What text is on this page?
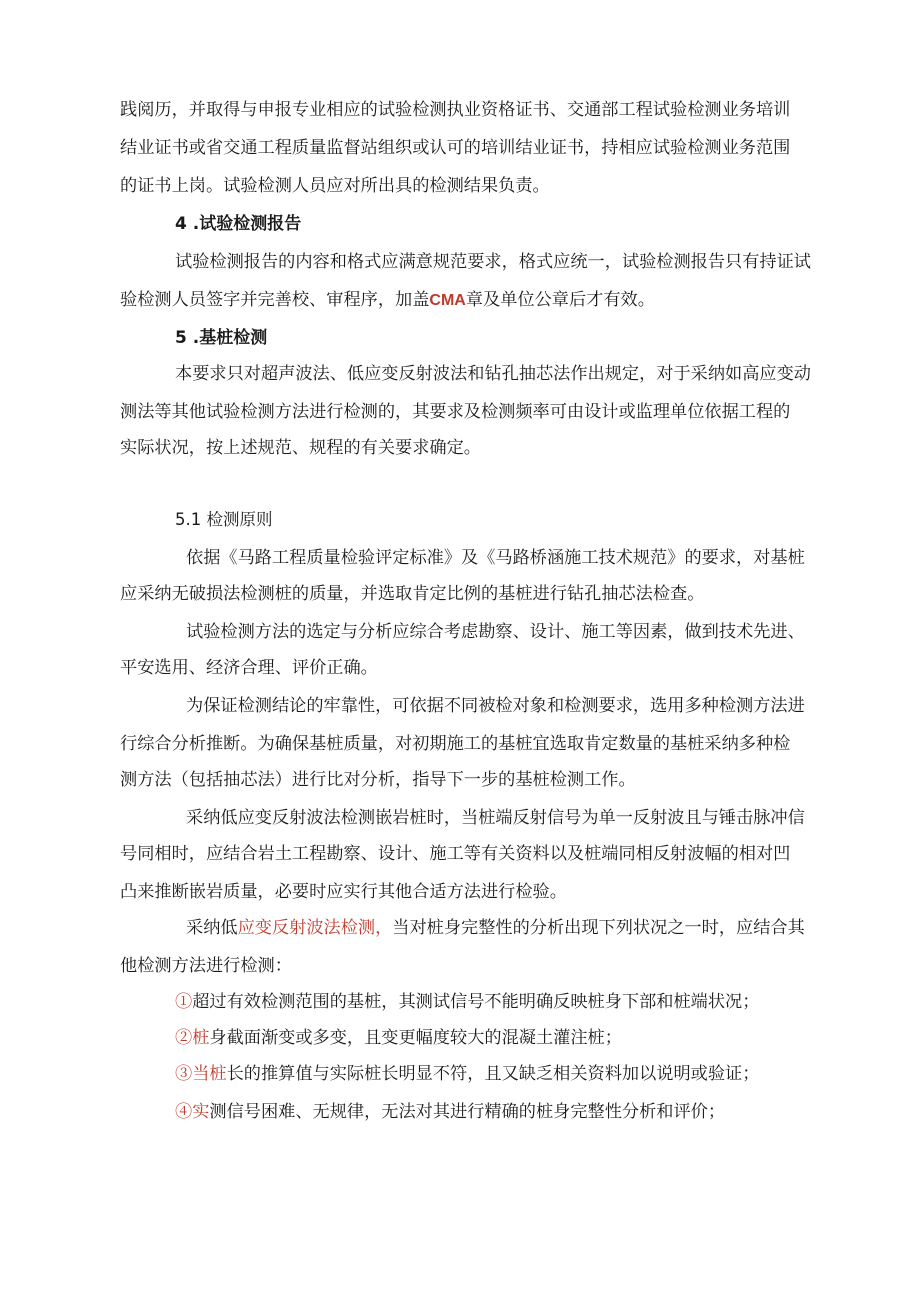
践阅历，并取得与申报专业相应的试验检测执业资格证书、交通部工程试验检测业务培训
结业证书或省交通工程质量监督站组织或认可的培训结业证书，持相应试验检测业务范围
的证书上岗。试验检测人员应对所出具的检测结果负责。
4 .试验检测报告
试验检测报告的内容和格式应满意规范要求，格式应统一，试验检测报告只有持证试
验检测人员签字并完善校、审程序，加盖CMA章及单位公章后才有效。
5 .基桩检测
本要求只对超声波法、低应变反射波法和钻孔抽芯法作出规定，对于采纳如高应变动
测法等其他试验检测方法进行检测的，其要求及检测频率可由设计或监理单位依据工程的
实际状况，按上述规范、规程的有关要求确定。
5.1 检测原则
依据《马路工程质量检验评定标准》及《马路桥涵施工技术规范》的要求，对基桩
应采纳无破损法检测桩的质量，并选取肯定比例的基桩进行钻孔抽芯法检查。
试验检测方法的选定与分析应综合考虑勘察、设计、施工等因素，做到技术先进、
平安选用、经济合理、评价正确。
为保证检测结论的牢靠性，可依据不同被检对象和检测要求，选用多种检测方法进
行综合分析推断。为确保基桩质量，对初期施工的基桩宜选取肯定数量的基桩采纳多种检
测方法（包括抽芯法）进行比对分析，指导下一步的基桩检测工作。
采纳低应变反射波法检测嵌岩桩时，当桩端反射信号为单一反射波且与锤击脉冲信
号同相时，应结合岩土工程勘察、设计、施工等有关资料以及桩端同相反射波幅的相对凹
凸来推断嵌岩质量，必要时应实行其他合适方法进行检验。
采纳低应变反射波法检测，当对桩身完整性的分析出现下列状况之一时，应结合其
他检测方法进行检测：
①超过有效检测范围的基桩，其测试信号不能明确反映桩身下部和桩端状况；
②桩身截面渐变或多变，且变更幅度较大的混凝土灌注桩；
③当桩长的推算值与实际桩长明显不符，且又缺乏相关资料加以说明或验证；
④实测信号困难、无规律，无法对其进行精确的桩身完整性分析和评价；
